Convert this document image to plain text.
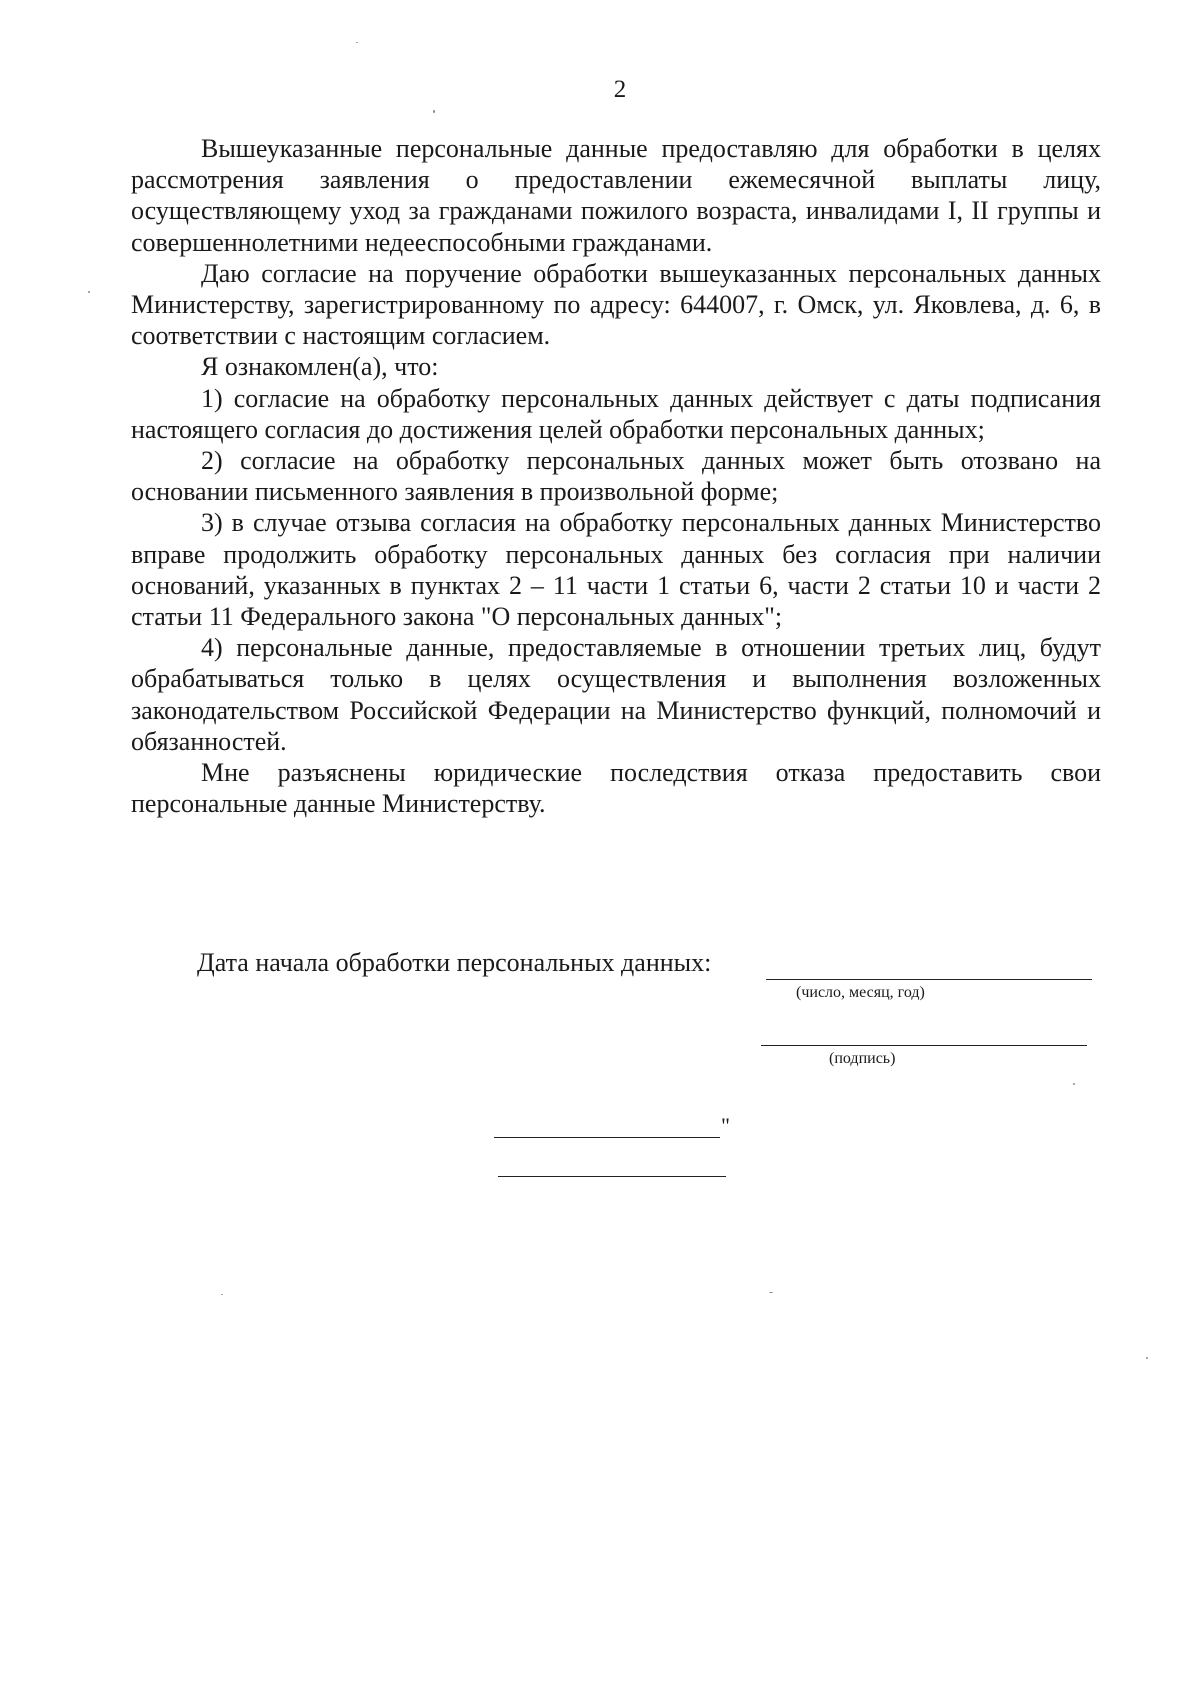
2

Вышеуказанные персональные данные предоставляю для обработки в целях рассмотрения заявления о предоставлении ежемесячной выплаты лицу, осуществляющему уход за гражданами пожилого возраста, инвалидами I, II группы и совершеннолетними недееспособными гражданами.

Даю согласие на поручение обработки вышеуказанных персональных данных Министерству, зарегистрированному по адресу: 644007, г. Омск, ул. Яковлева, д. 6, в соответствии с настоящим согласием.

Я ознакомлен(а), что:

1) согласие на обработку персональных данных действует с даты подписания настоящего согласия до достижения целей обработки персональных данных;

2) согласие на обработку персональных данных может быть отозвано на основании письменного заявления в произвольной форме;

3) в случае отзыва согласия на обработку персональных данных Министерство вправе продолжить обработку персональных данных без согласия при наличии оснований, указанных в пунктах 2 – 11 части 1 статьи 6, части 2 статьи 10 и части 2 статьи 11 Федерального закона "О персональных данных";

4) персональные данные, предоставляемые в отношении третьих лиц, будут обрабатываться только в целях осуществления и выполнения возложенных законодательством Российской Федерации на Министерство функций, полномочий и обязанностей.

Мне разъяснены юридические последствия отказа предоставить свои персональные данные Министерству.

Дата начала обработки персональных данных:
(число, месяц, год)
(подпись)
"
